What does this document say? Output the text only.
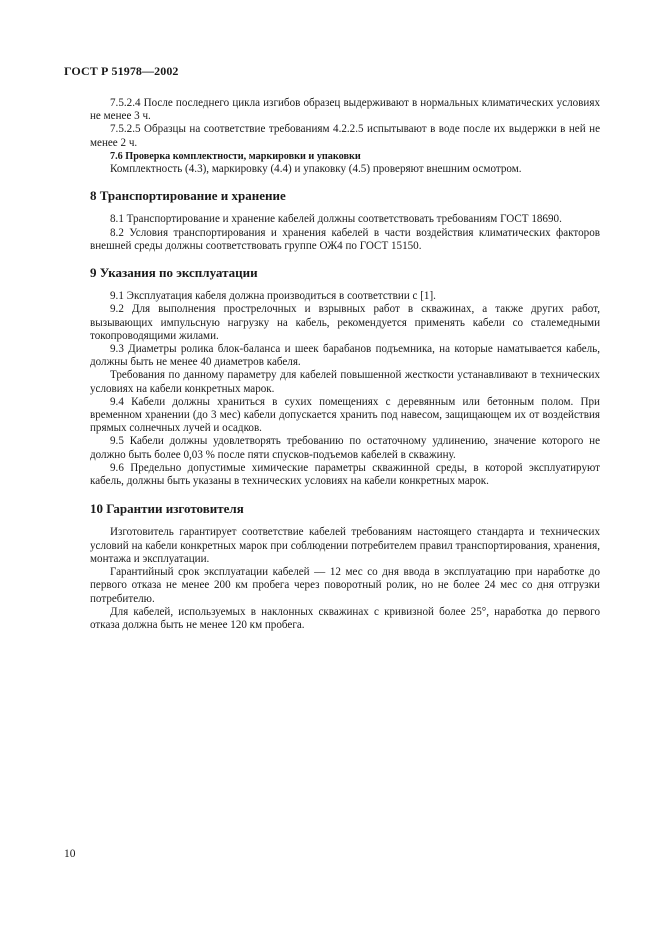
ГОСТ Р 51978—2002

7.5.2.4 После последнего цикла изгибов образец выдерживают в нормальных климатических условиях не менее 3 ч.

7.5.2.5 Образцы на соответствие требованиям 4.2.2.5 испытывают в воде после их выдержки в ней не менее 2 ч.

7.6 Проверка комплектности, маркировки и упаковки

Комплектность (4.3), маркировку (4.4) и упаковку (4.5) проверяют внешним осмотром.

8 Транспортирование и хранение

8.1 Транспортирование и хранение кабелей должны соответствовать требованиям ГОСТ 18690.

8.2 Условия транспортирования и хранения кабелей в части воздействия климатических факторов внешней среды должны соответствовать группе ОЖ4 по ГОСТ 15150.

9 Указания по эксплуатации

9.1 Эксплуатация кабеля должна производиться в соответствии с [1].

9.2 Для выполнения прострелочных и взрывных работ в скважинах, а также других работ, вызывающих импульсную нагрузку на кабель, рекомендуется применять кабели со сталемедными токопроводящими жилами.

9.3 Диаметры ролика блок-баланса и шеек барабанов подъемника, на которые наматывается кабель, должны быть не менее 40 диаметров кабеля.

Требования по данному параметру для кабелей повышенной жесткости устанавливают в технических условиях на кабели конкретных марок.

9.4 Кабели должны храниться в сухих помещениях с деревянным или бетонным полом. При временном хранении (до 3 мес) кабели допускается хранить под навесом, защищающем их от воздействия прямых солнечных лучей и осадков.

9.5 Кабели должны удовлетворять требованию по остаточному удлинению, значение которого не должно быть более 0,03 % после пяти спусков-подъемов кабелей в скважину.

9.6 Предельно допустимые химические параметры скважинной среды, в которой эксплуатируют кабель, должны быть указаны в технических условиях на кабели конкретных марок.

10 Гарантии изготовителя

Изготовитель гарантирует соответствие кабелей требованиям настоящего стандарта и технических условий на кабели конкретных марок при соблюдении потребителем правил транспортирования, хранения, монтажа и эксплуатации.

Гарантийный срок эксплуатации кабелей — 12 мес со дня ввода в эксплуатацию при наработке до первого отказа не менее 200 км пробега через поворотный ролик, но не более 24 мес со дня отгрузки потребителю.

Для кабелей, используемых в наклонных скважинах с кривизной более 25°, наработка до первого отказа должна быть не менее 120 км пробега.

10
